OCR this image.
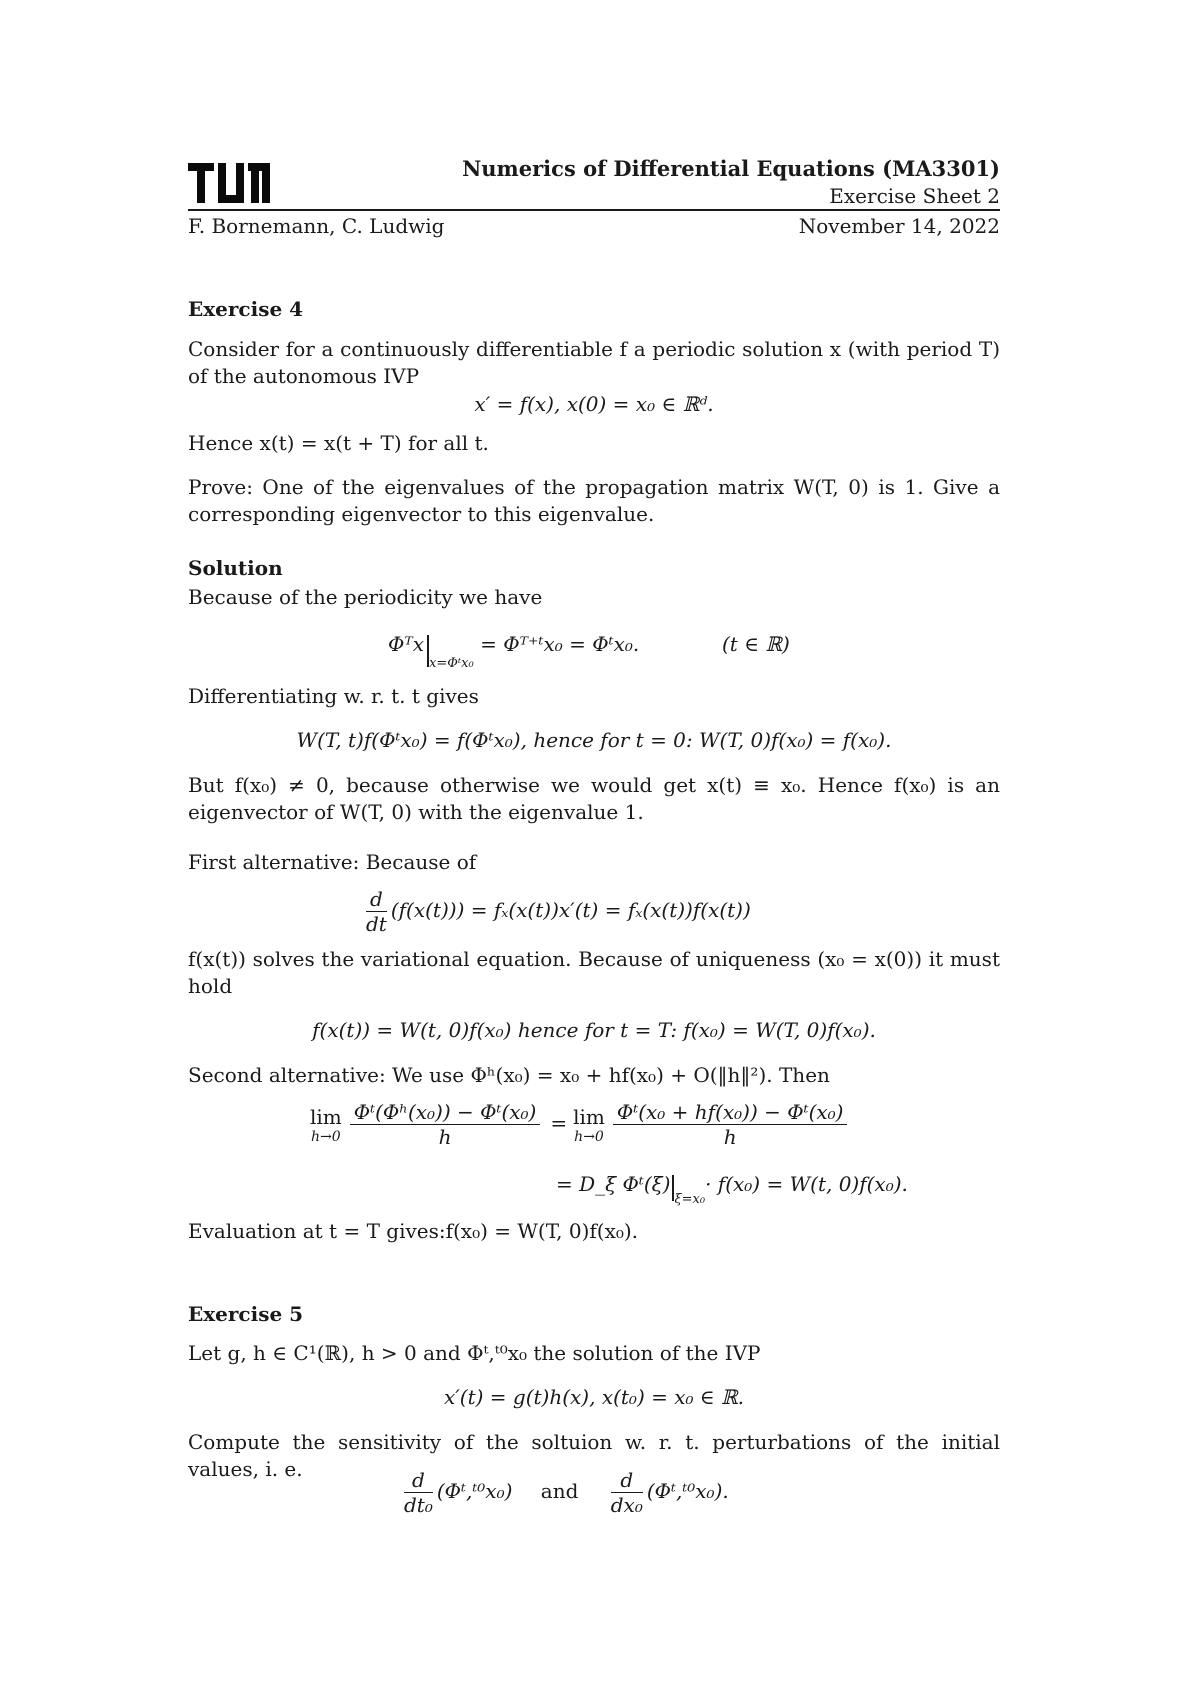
Numerics of Differential Equations (MA3301)
Exercise Sheet 2
F. Bornemann, C. Ludwig	November 14, 2022
Exercise 4
Consider for a continuously differentiable f a periodic solution x (with period T) of the autonomous IVP
x′ = f(x), x(0) = x₀ ∈ ℝᵈ.
Hence x(t) = x(t + T) for all t.
Prove: One of the eigenvalues of the propagation matrix W(T, 0) is 1. Give a corresponding eigenvector to this eigenvalue.
Solution
Because of the periodicity we have
Φᵀx$_{x=\Phi ᵗx_0}$ = Φᵀ⁺ᵗx₀ = Φᵗx₀.	(t ∈ ℝ)
Differentiating w. r. t. t gives
W(T, t)f(Φᵗx₀) = f(Φᵗx₀), hence for t = 0: W(T, 0)f(x₀) = f(x₀).
But f(x₀) ≠ 0, because otherwise we would get x(t) ≡ x₀. Hence f(x₀) is an eigenvector of W(T, 0) with the eigenvalue 1.
First alternative: Because of
$\frac{d}{dt} (f(x(t))) = f_x(x(t))x'(t) = f_x(x(t))f(x(t))$
f(x(t)) solves the variational equation. Because of uniqueness (x₀ = x(0)) it must hold
f(x(t)) = W(t, 0)f(x₀) hence for t = T: f(x₀) = W(T, 0)f(x₀).
Second alternative: We use Φʰ(x₀) = x₀ + hf(x₀) + O(‖h‖²). Then
lim
$h\to 0 \frac{\text{Φᵗ(Φʰ(x₀)) − Φᵗ(x₀)}}{h} = \lim$
$h\to 0 \frac{\text{Φᵗ(x₀ + hf(x₀)) − Φᵗ(x₀)}}{h}$
= D_ξ $\Phi ᵗ(\xi)_{\xi=x_0}\cdot f(x_0) = W(t$, 0)f(x₀).
Evaluation at t = T gives:f(x₀) = W(T, 0)f(x₀).
Exercise 5
Let g, h ∈ C¹(ℝ), h > 0 and Φᵗ,ᵗ⁰x₀ the solution of the IVP
x′(t) = g(t)h(x), x(t₀) = x₀ ∈ ℝ.
Compute the sensitivity of the soltuion w. r. t. perturbations of the initial values, i. e.	$\frac{d}{\text{dt₀}}$ (Φᵗ,ᵗ⁰x₀) and $\frac{d}{\text{dx₀}}$ (Φᵗ,ᵗ⁰x₀).
